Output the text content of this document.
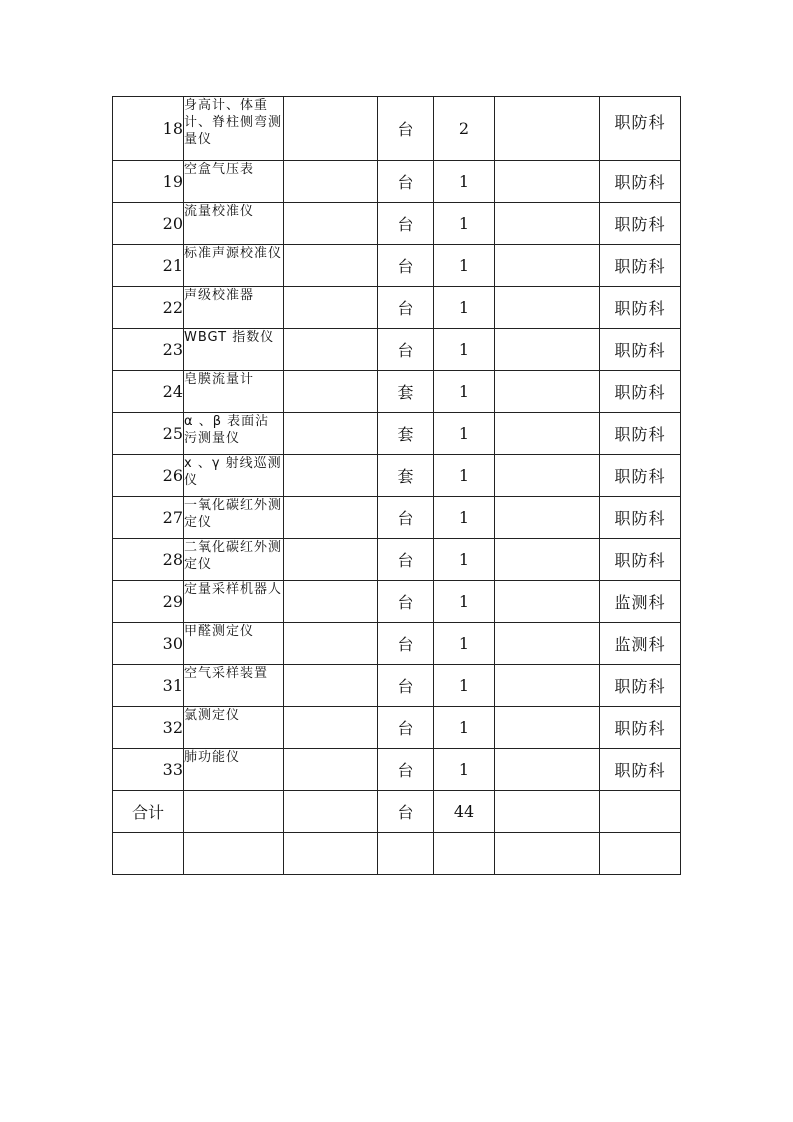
18	身高计、体重计、脊柱侧弯测量仪		台	2		职防科
19	空盒气压表		台	1		职防科
20	流量校准仪		台	1		职防科
21	标准声源校准仪		台	1		职防科
22	声级校准器		台	1		职防科
23	WBGT 指数仪		台	1		职防科
24	皂膜流量计		套	1		职防科
25	α 、β 表面沾污测量仪		套	1		职防科
26	x 、γ 射线巡测仪		套	1		职防科
27	一氧化碳红外测定仪		台	1		职防科
28	二氧化碳红外测定仪		台	1		职防科
29	定量采样机器人		台	1		监测科
30	甲醛测定仪		台	1		监测科
31	空气采样装置		台	1		职防科
32	氯测定仪		台	1		职防科
33	肺功能仪		台	1		职防科
合计			台	44		
